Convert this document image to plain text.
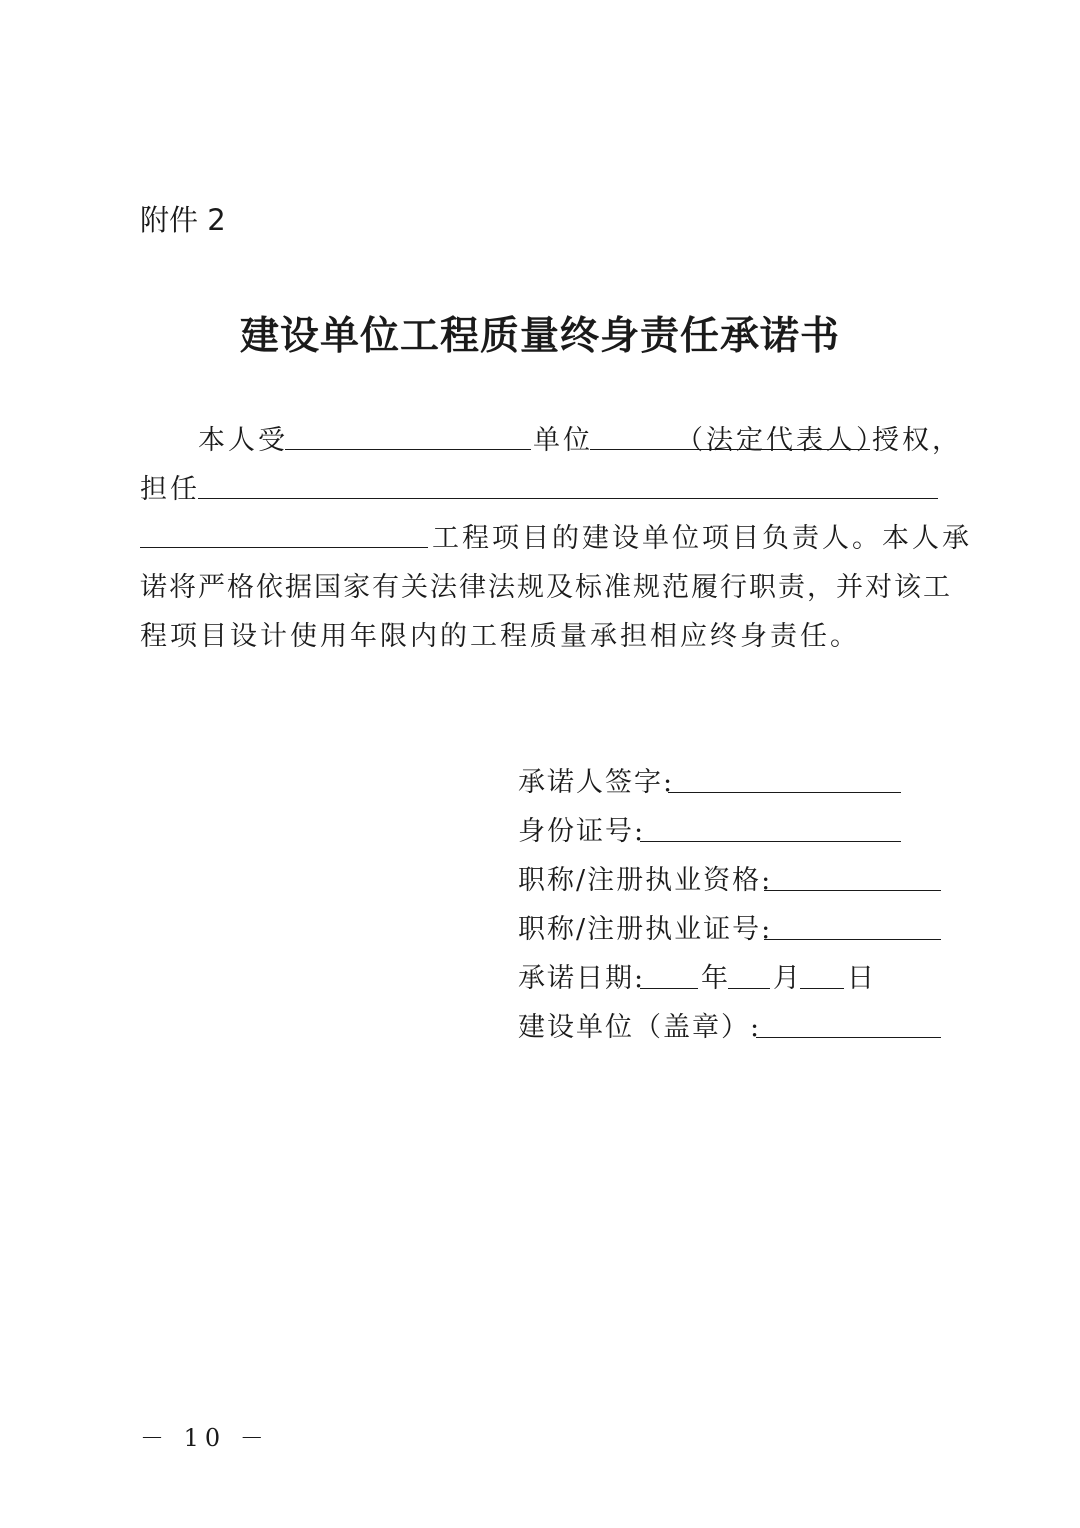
附件 2
建设单位工程质量终身责任承诺书
本人受	单位	（法定代表人）
授权，
担任
工程项目的建设单位项目负责人。本人承
诺将严格依据国家有关法律法规及标准规范履行职责，并对该工
程项目设计使用年限内的工程质量承担相应终身责任。
承诺人签字:
身份证号:
职称/注册执业资格:
职称/注册执业证号:
承诺日期: 年 月 日
建设单位（盖章）:
－ 10 －
